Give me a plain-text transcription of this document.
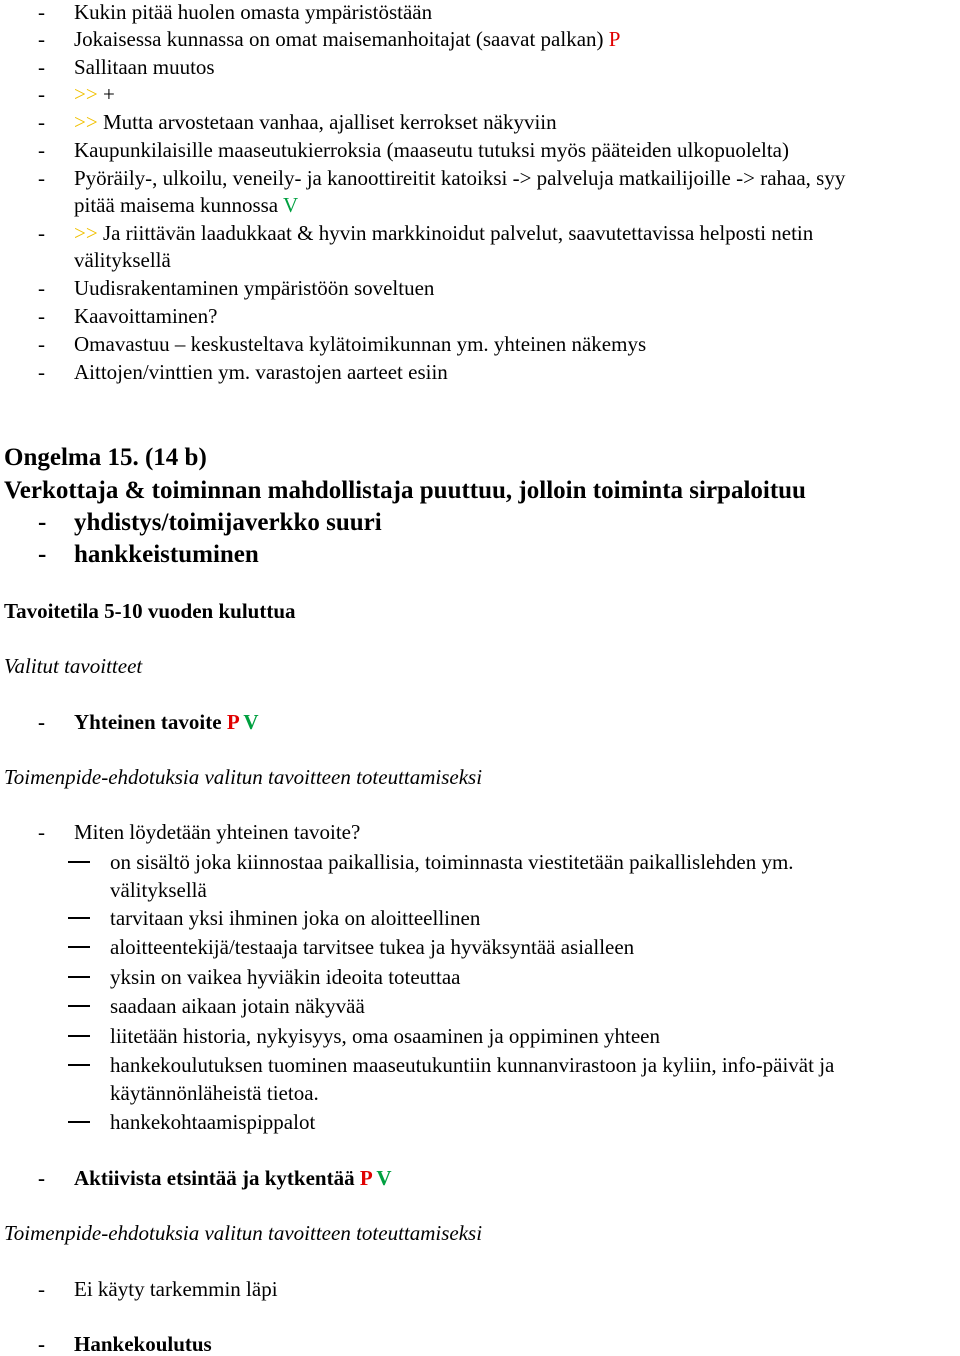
- Kukin pitää huolen omasta ympäristöstään
- Jokaisessa kunnassa on omat maisemanhoitajat (saavat palkan) P
- Sallitaan muutos
- >> +
- >> Mutta arvostetaan vanhaa, ajalliset kerrokset näkyviin
- Kaupunkilaisille maaseutukierroksia (maaseutu tutuksi myös pääteiden ulkopuolelta)
- Pyöräily-, ulkoilu, veneily- ja kanoottireitit katoiksi -> palveluja matkailijoille -> rahaa, syy
pitää maisema kunnossa V
- >> Ja riittävän laadukkaat & hyvin markkinoidut palvelut, saavutettavissa helposti netin
välityksellä
- Uudisrakentaminen ympäristöön soveltuen
- Kaavoittaminen?
- Omavastuu – keskusteltava kylätoimikunnan ym. yhteinen näkemys
- Aittojen/vinttien ym. varastojen aarteet esiin
Ongelma 15. (14 b)
Verkottaja & toiminnan mahdollistaja puuttuu, jolloin toiminta sirpaloituu
- yhdistys/toimijaverkko suuri
- hankkeistuminen
Tavoitetila 5-10 vuoden kuluttua
Valitut tavoitteet
- Yhteinen tavoite P V
Toimenpide-ehdotuksia valitun tavoitteen toteuttamiseksi
- Miten löydetään yhteinen tavoite?
on sisältö joka kiinnostaa paikallisia, toiminnasta viestitetään paikallislehden ym.
välityksellä
tarvitaan yksi ihminen joka on aloitteellinen
aloitteentekijä/testaaja tarvitsee tukea ja hyväksyntää asialleen
yksin on vaikea hyviäkin ideoita toteuttaa
saadaan aikaan jotain näkyvää
liitetään historia, nykyisyys, oma osaaminen ja oppiminen yhteen
hankekoulutuksen tuominen maaseutukuntiin kunnanvirastoon ja kyliin, info-päivät ja
käytännönläheistä tietoa.
hankekohtaamispippalot
- Aktiivista etsintää ja kytkentää P V
Toimenpide-ehdotuksia valitun tavoitteen toteuttamiseksi
- Ei käyty tarkemmin läpi
- Hankekoulutus
